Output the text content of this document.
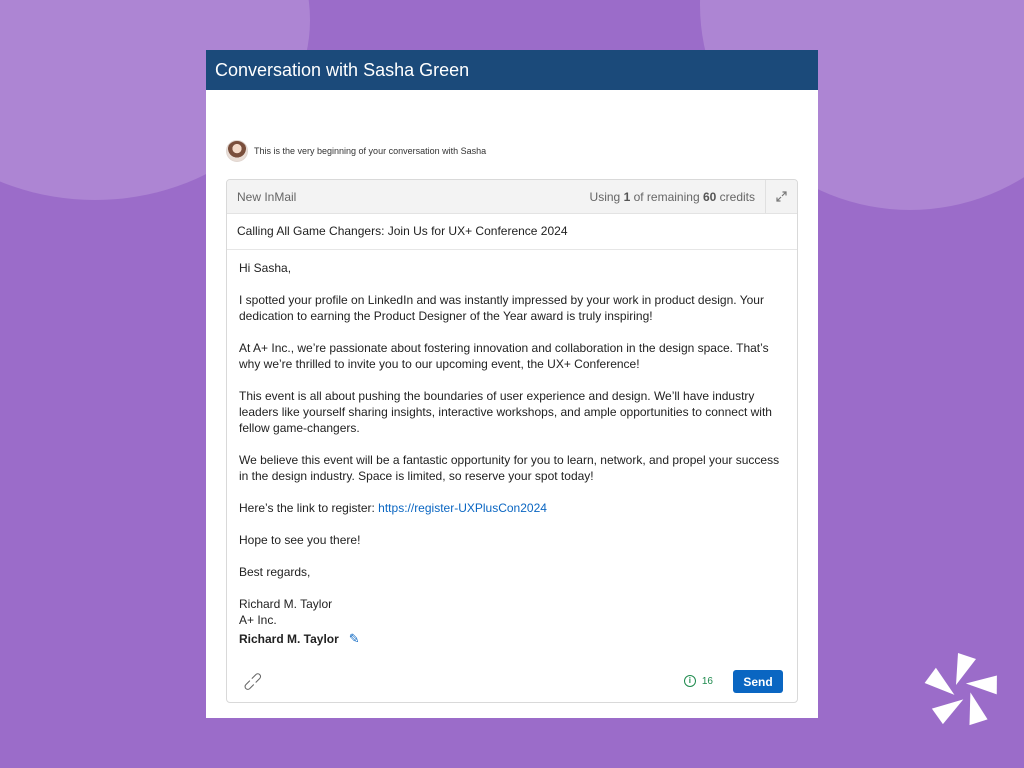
Conversation with Sasha Green
This is the very beginning of your conversation with Sasha
New InMail	Using 1 of remaining 60 credits
Calling All Game Changers: Join Us for UX+ Conference 2024

Hi Sasha,

I spotted your profile on LinkedIn and was instantly impressed by your work in product design. Your dedication to earning the Product Designer of the Year award is truly inspiring!

At A+ Inc., we’re passionate about fostering innovation and collaboration in the design space. That’s why we’re thrilled to invite you to our upcoming event, the UX+ Conference!

This event is all about pushing the boundaries of user experience and design. We’ll have industry leaders like yourself sharing insights, interactive workshops, and ample opportunities to connect with fellow game-changers.

We believe this event will be a fantastic opportunity for you to learn, network, and propel your success in the design industry. Space is limited, so reserve your spot today!

Here’s the link to register: https://register-UXPlusCon2024

Hope to see you there!

Best regards,

Richard M. Taylor

A+ Inc.

Richard M. Taylor ✎
⊂⊃	i	16	Send
